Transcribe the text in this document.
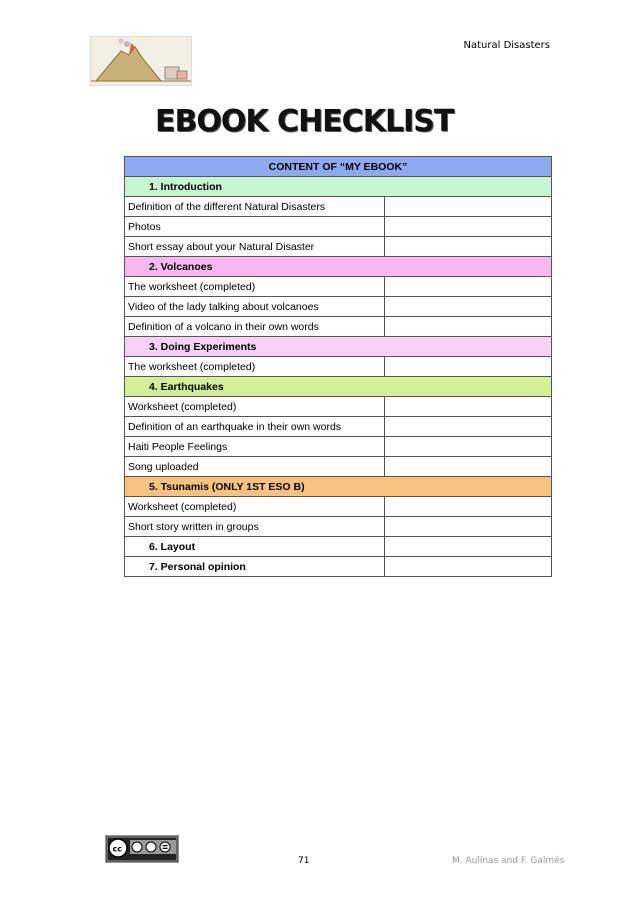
Natural Disasters
EBOOK CHECKLIST
CONTENT OF “MY EBOOK”	
1. Introduction	
Definition of the different Natural Disasters	
Photos	
Short essay about your Natural Disaster	
2. Volcanoes	
The worksheet (completed)	
Video of the lady talking about volcanoes	
Definition of a volcano in their own words	
3. Doing Experiments	
The worksheet (completed)	
4. Earthquakes	
Worksheet (completed)	
Definition of an earthquake in their own words	
Haiti People Feelings	
Song uploaded	
5. Tsunamis (ONLY 1ST ESO B)	
Worksheet (completed)	
Short story written in groups	
6. Layout	
7. Personal opinion	
cc
71	M. Aulinas and F. Galmés
